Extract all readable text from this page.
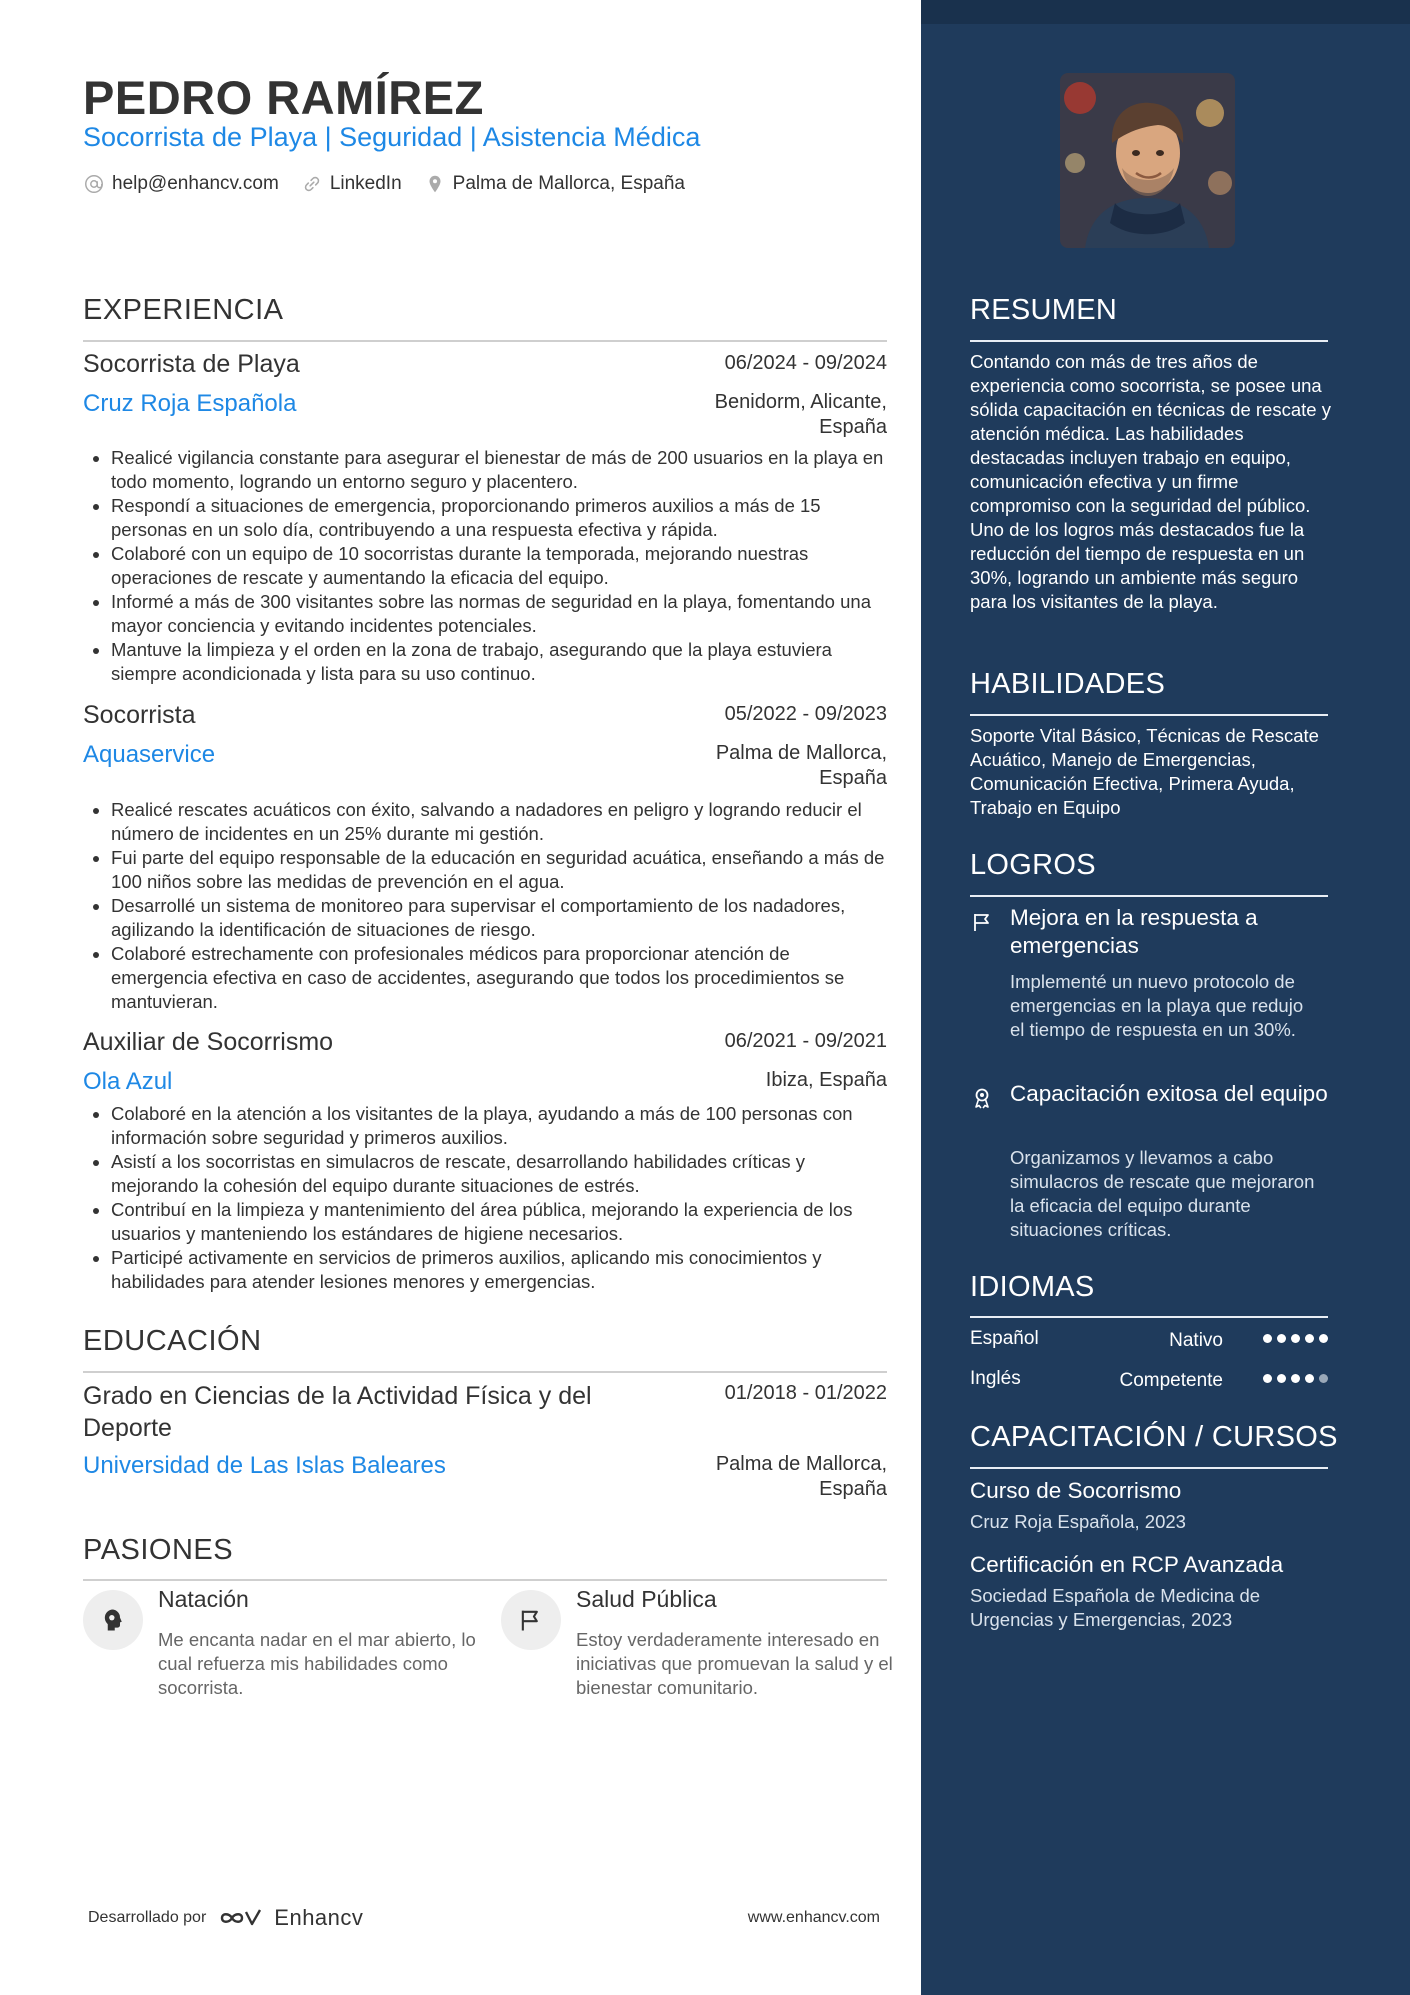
PEDRO RAMÍREZ
Socorrista de Playa | Seguridad | Asistencia Médica
help@enhancv.com	LinkedIn	Palma de Mallorca, España
EXPERIENCIA
Socorrista de Playa	06/2024 - 09/2024
Cruz Roja Española	Benidorm, Alicante, España
• Realicé vigilancia constante para asegurar el bienestar de más de 200 usuarios en la playa en todo momento, logrando un entorno seguro y placentero.
• Respondí a situaciones de emergencia, proporcionando primeros auxilios a más de 15 personas en un solo día, contribuyendo a una respuesta efectiva y rápida.
• Colaboré con un equipo de 10 socorristas durante la temporada, mejorando nuestras operaciones de rescate y aumentando la eficacia del equipo.
• Informé a más de 300 visitantes sobre las normas de seguridad en la playa, fomentando una mayor conciencia y evitando incidentes potenciales.
• Mantuve la limpieza y el orden en la zona de trabajo, asegurando que la playa estuviera siempre acondicionada y lista para su uso continuo.
Socorrista	05/2022 - 09/2023
Aquaservice	Palma de Mallorca, España
• Realicé rescates acuáticos con éxito, salvando a nadadores en peligro y logrando reducir el número de incidentes en un 25% durante mi gestión.
• Fui parte del equipo responsable de la educación en seguridad acuática, enseñando a más de 100 niños sobre las medidas de prevención en el agua.
• Desarrollé un sistema de monitoreo para supervisar el comportamiento de los nadadores, agilizando la identificación de situaciones de riesgo.
• Colaboré estrechamente con profesionales médicos para proporcionar atención de emergencia efectiva en caso de accidentes, asegurando que todos los procedimientos se mantuvieran.
Auxiliar de Socorrismo	06/2021 - 09/2021
Ola Azul	Ibiza, España
• Colaboré en la atención a los visitantes de la playa, ayudando a más de 100 personas con información sobre seguridad y primeros auxilios.
• Asistí a los socorristas en simulacros de rescate, desarrollando habilidades críticas y mejorando la cohesión del equipo durante situaciones de estrés.
• Contribuí en la limpieza y mantenimiento del área pública, mejorando la experiencia de los usuarios y manteniendo los estándares de higiene necesarios.
• Participé activamente en servicios de primeros auxilios, aplicando mis conocimientos y habilidades para atender lesiones menores y emergencias.
EDUCACIÓN
Grado en Ciencias de la Actividad Física y del Deporte
01/2018 - 01/2022
Universidad de Las Islas Baleares	Palma de Mallorca, España
PASIONES
Natación
Me encanta nadar en el mar abierto, lo cual refuerza mis habilidades como socorrista.
Salud Pública
Estoy verdaderamente interesado en iniciativas que promuevan la salud y el bienestar comunitario.
Desarrollado por	Enhancv	www.enhancv.com
RESUMEN
Contando con más de tres años de experiencia como socorrista, se posee una sólida capacitación en técnicas de rescate y atención médica. Las habilidades destacadas incluyen trabajo en equipo, comunicación efectiva y un firme compromiso con la seguridad del público. Uno de los logros más destacados fue la reducción del tiempo de respuesta en un 30%, logrando un ambiente más seguro para los visitantes de la playa.
HABILIDADES
Soporte Vital Básico, Técnicas de Rescate Acuático, Manejo de Emergencias, Comunicación Efectiva, Primera Ayuda, Trabajo en Equipo
LOGROS
Mejora en la respuesta a emergencias
Implementé un nuevo protocolo de emergencias en la playa que redujo el tiempo de respuesta en un 30%.
Capacitación exitosa del equipo
Organizamos y llevamos a cabo simulacros de rescate que mejoraron la eficacia del equipo durante situaciones críticas.
IDIOMAS
Español	Nativo
Inglés	Competente
CAPACITACIÓN / CURSOS
Curso de Socorrismo
Cruz Roja Española, 2023
Certificación en RCP Avanzada
Sociedad Española de Medicina de Urgencias y Emergencias, 2023
